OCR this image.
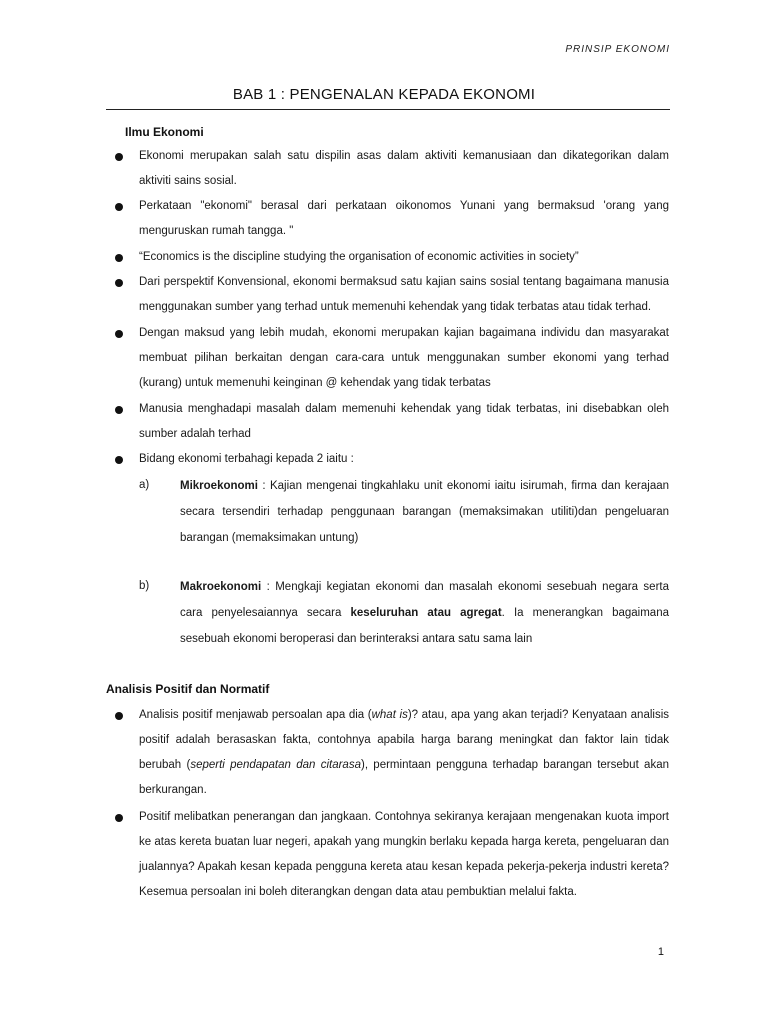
PRINSIP EKONOMI
BAB 1 : PENGENALAN KEPADA EKONOMI
Ilmu Ekonomi
Ekonomi merupakan salah satu dispilin asas dalam aktiviti kemanusiaan dan dikategorikan dalam aktiviti sains sosial.
Perkataan "ekonomi" berasal dari perkataan oikonomos Yunani yang bermaksud 'orang yang menguruskan rumah tangga. "
“Economics is the discipline studying the organisation of economic activities in society”
Dari perspektif Konvensional, ekonomi bermaksud satu kajian sains sosial tentang bagaimana manusia menggunakan sumber yang terhad untuk memenuhi kehendak yang tidak terbatas atau tidak terhad.
Dengan maksud yang lebih mudah, ekonomi merupakan kajian bagaimana individu dan masyarakat membuat pilihan berkaitan dengan cara-cara untuk menggunakan sumber ekonomi yang terhad (kurang) untuk memenuhi keinginan @ kehendak yang tidak terbatas
Manusia menghadapi masalah dalam memenuhi kehendak yang tidak terbatas, ini disebabkan oleh sumber adalah terhad
Bidang ekonomi terbahagi kepada 2 iaitu :
a)	Mikroekonomi : Kajian mengenai tingkahlaku unit ekonomi iaitu isirumah, firma dan kerajaan secara tersendiri terhadap penggunaan barangan (memaksimakan utiliti)dan pengeluaran barangan (memaksimakan untung)
b)	Makroekonomi : Mengkaji kegiatan ekonomi dan masalah ekonomi sesebuah negara serta cara penyelesaiannya secara keseluruhan atau agregat. Ia menerangkan bagaimana sesebuah ekonomi beroperasi dan berinteraksi antara satu sama lain
Analisis Positif dan Normatif
Analisis positif menjawab persoalan apa dia (what is)? atau, apa yang akan terjadi? Kenyataan analisis positif adalah berasaskan fakta, contohnya apabila harga barang meningkat dan faktor lain tidak berubah (seperti pendapatan dan citarasa), permintaan pengguna terhadap barangan tersebut akan berkurangan.
Positif melibatkan penerangan dan jangkaan. Contohnya sekiranya kerajaan mengenakan kuota import ke atas kereta buatan luar negeri, apakah yang mungkin berlaku kepada harga kereta, pengeluaran dan jualannya? Apakah kesan kepada pengguna kereta atau kesan kepada pekerja-pekerja industri kereta? Kesemua persoalan ini boleh diterangkan dengan data atau pembuktian melalui fakta.
1
